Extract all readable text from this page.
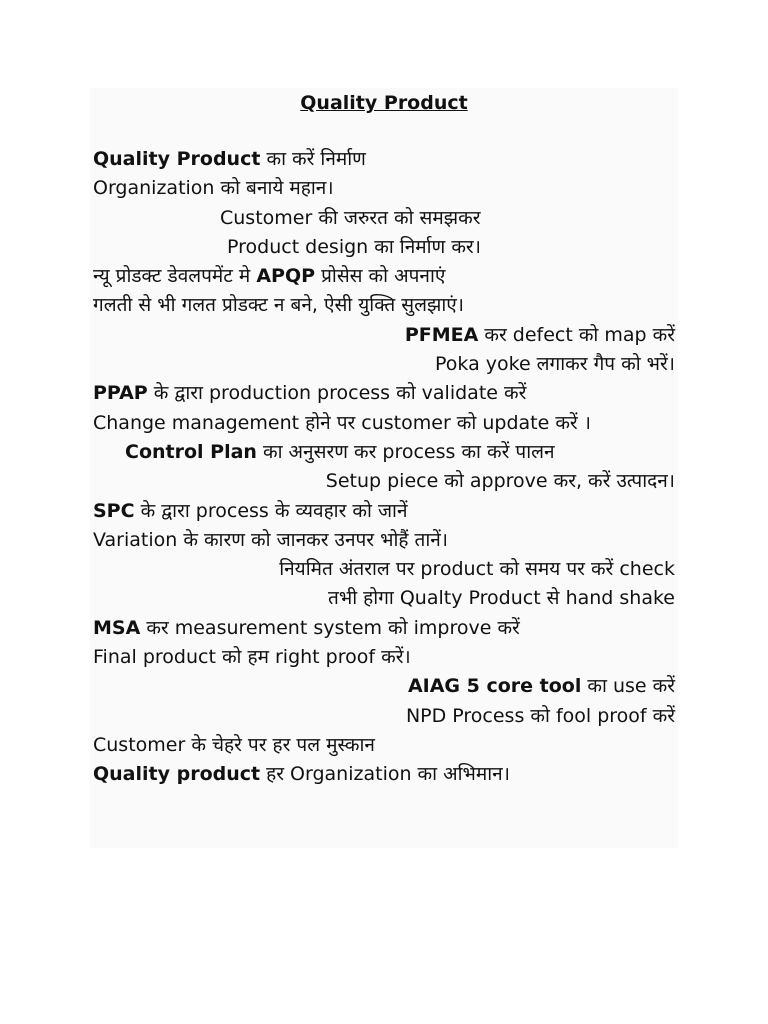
Quality Product
Quality Product का करें निर्माण
Organization को बनाये महान।
Customer की जरुरत को समझकर
Product design का निर्माण कर।
न्यू प्रोडक्ट डेवलपमेंट मे APQP प्रोसेस को अपनाएं
गलती से भी गलत प्रोडक्ट न बने, ऐसी युक्ति सुलझाएं।
PFMEA कर defect को map करें
Poka yoke लगाकर गैप को भरें।
PPAP के द्वारा production process को validate करें
Change management होने पर customer को update करें ।
Control Plan का अनुसरण कर process का करें पालन
Setup piece को approve कर, करें उत्पादन।
SPC के द्वारा process के व्यवहार को जानें
Variation के कारण को जानकर उनपर भोहैं तानें।
नियमित अंतराल पर product को समय पर करें check
तभी होगा Qualty Product से hand shake
MSA कर measurement system को improve करें
Final product को हम right proof करें।
AIAG 5 core tool का use करें
NPD Process को fool proof करें
Customer के चेहरे पर हर पल मुस्कान
Quality product हर Organization का अभिमान।
